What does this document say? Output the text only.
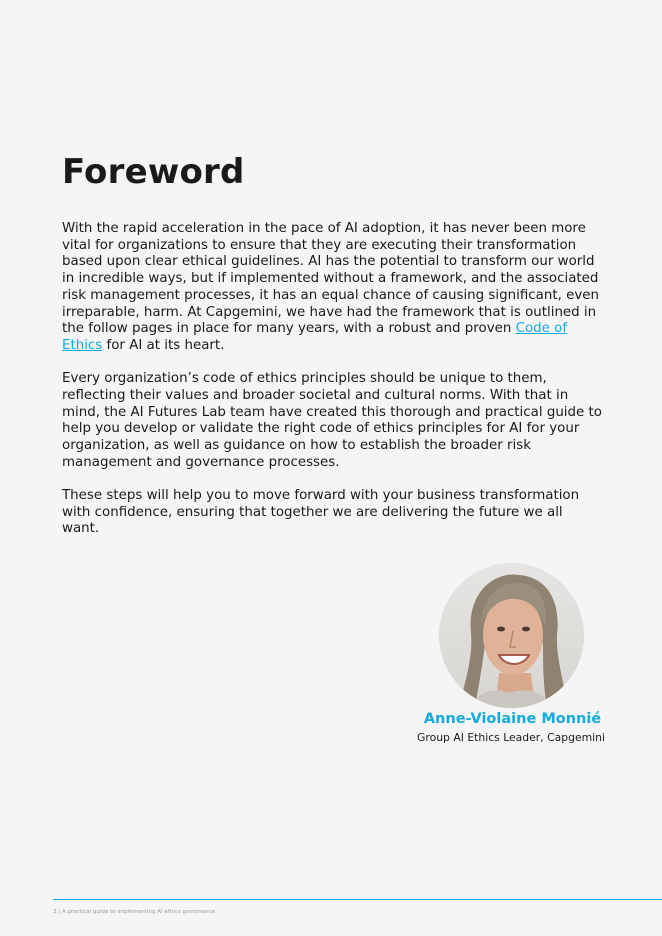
Foreword

With the rapid acceleration in the pace of AI adoption, it has never been more vital for organizations to ensure that they are executing their transformation based upon clear ethical guidelines. AI has the potential to transform our world in incredible ways, but if implemented without a framework, and the associated risk management processes, it has an equal chance of causing significant, even irreparable, harm. At Capgemini, we have had the framework that is outlined in the follow pages in place for many years, with a robust and proven Code of Ethics for AI at its heart.

Every organization’s code of ethics principles should be unique to them, reflecting their values and broader societal and cultural norms. With that in mind, the AI Futures Lab team have created this thorough and practical guide to help you develop or validate the right code of ethics principles for AI for your organization, as well as guidance on how to establish the broader risk management and governance processes.

These steps will help you to move forward with your business transformation with confidence, ensuring that together we are delivering the future we all want.

Anne-Violaine Monnié
Group AI Ethics Leader, Capgemini
2 | A practical guide to implementing AI ethics governance
